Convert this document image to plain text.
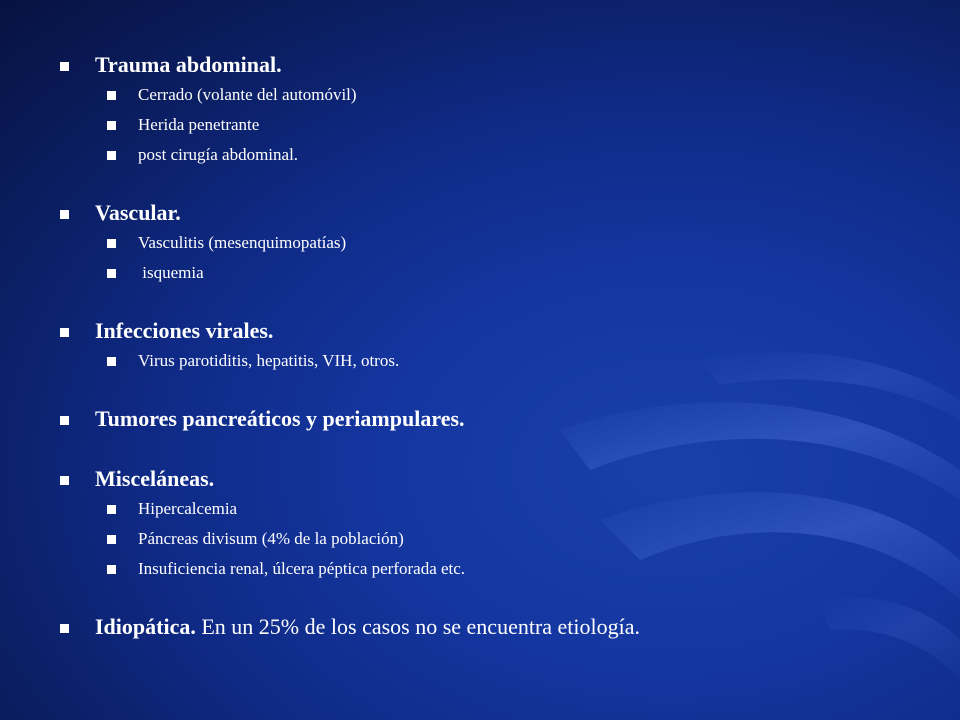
Trauma abdominal.
Cerrado (volante del automóvil)
Herida penetrante
post cirugía abdominal.
Vascular.
Vasculitis (mesenquimopatías)
isquemia
Infecciones virales.
Virus parotiditis, hepatitis, VIH, otros.
Tumores pancreáticos y periampulares.
Misceláneas.
Hipercalcemia
Páncreas divisum (4% de la población)
Insuficiencia renal, úlcera péptica perforada etc.
Idiopática. En un 25% de los casos no se encuentra etiología.
